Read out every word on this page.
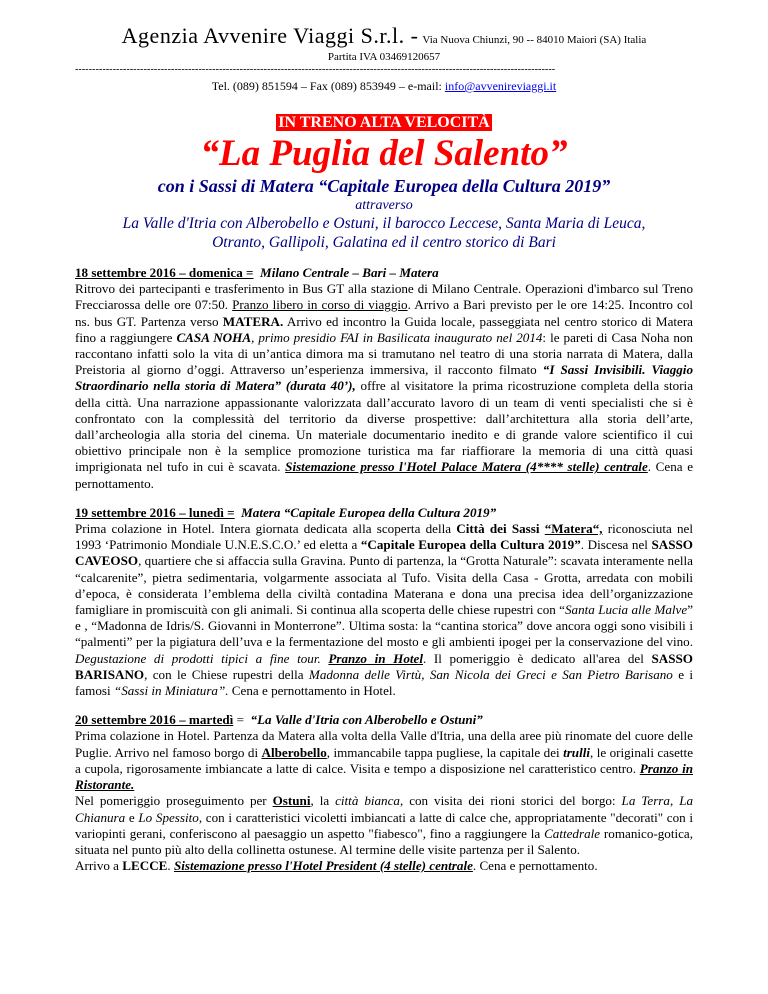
Agenzia Avvenire Viaggi S.r.l. - Via Nuova Chiunzi, 90 -- 84010 Maiori (SA) Italia
Partita IVA 03469120657
--------------------------------------------------------------------------------------------------------------------------------------------
Tel. (089) 851594 – Fax (089) 853949 – e-mail: info@avvenireviaggi.it
IN TRENO ALTA VELOCITÀ
“La Puglia del Salento”
con i Sassi di Matera “Capitale Europea della Cultura 2019”
attraverso
La Valle d'Itria con Alberobello e Ostuni, il barocco Leccese, Santa Maria di Leuca,
Otranto, Gallipoli, Galatina ed il centro storico di Bari
18 settembre 2016 – domenica = Milano Centrale – Bari – Matera

Ritrovo dei partecipanti e trasferimento in Bus GT alla stazione di Milano Centrale. Operazioni d'imbarco sul Treno Frecciarossa delle ore 07:50. Pranzo libero in corso di viaggio. Arrivo a Bari previsto per le ore 14:25. Incontro col ns. bus GT. Partenza verso MATERA. Arrivo ed incontro la Guida locale, passeggiata nel centro storico di Matera fino a raggiungere CASA NOHA, primo presidio FAI in Basilicata inaugurato nel 2014: le pareti di Casa Noha non raccontano infatti solo la vita di un’antica dimora ma si tramutano nel teatro di una storia narrata di Matera, dalla Preistoria al giorno d’oggi. Attraverso un’esperienza immersiva, il racconto filmato “I Sassi Invisibili. Viaggio Straordinario nella storia di Matera” (durata 40’), offre al visitatore la prima ricostruzione completa della storia della città. Una narrazione appassionante valorizzata dall’accurato lavoro di un team di venti specialisti che si è confrontato con la complessità del territorio da diverse prospettive: dall’architettura alla storia dell’arte, dall’archeologia alla storia del cinema. Un materiale documentario inedito e di grande valore scientifico il cui obiettivo principale non è la semplice promozione turistica ma far riaffiorare la memoria di una città quasi imprigionata nel tufo in cui è scavata. Sistemazione presso l'Hotel Palace Matera (4**** stelle) centrale. Cena e pernottamento.

19 settembre 2016 – lunedì = Matera “Capitale Europea della Cultura 2019”

Prima colazione in Hotel. Intera giornata dedicata alla scoperta della Città dei Sassi “Matera“, riconosciuta nel 1993 ‘Patrimonio Mondiale U.N.E.S.C.O.’ ed eletta a “Capitale Europea della Cultura 2019”. Discesa nel SASSO CAVEOSO, quartiere che si affaccia sulla Gravina. Punto di partenza, la “Grotta Naturale”: scavata interamente nella “calcarenite”, pietra sedimentaria, volgarmente associata al Tufo. Visita della Casa - Grotta, arredata con mobili d’epoca, è considerata l’emblema della civiltà contadina Materana e dona una precisa idea dell’organizzazione famigliare in promiscuità con gli animali. Si continua alla scoperta delle chiese rupestri con “Santa Lucia alle Malve” e , “Madonna de Idris/S. Giovanni in Monterrone”. Ultima sosta: la “cantina storica” dove ancora oggi sono visibili i “palmenti” per la pigiatura dell’uva e la fermentazione del mosto e gli ambienti ipogei per la conservazione del vino. Degustazione di prodotti tipici a fine tour. Pranzo in Hotel. Il pomeriggio è dedicato all'area del SASSO BARISANO, con le Chiese rupestri della Madonna delle Virtù, San Nicola dei Greci e San Pietro Barisano e i famosi “Sassi in Miniatura”. Cena e pernottamento in Hotel.

20 settembre 2016 – martedì = “La Valle d'Itria con Alberobello e Ostuni”

Prima colazione in Hotel. Partenza da Matera alla volta della Valle d'Itria, una della aree più rinomate del cuore delle Puglie. Arrivo nel famoso borgo di Alberobello, immancabile tappa pugliese, la capitale dei trulli, le originali casette a cupola, rigorosamente imbiancate a latte di calce. Visita e tempo a disposizione nel caratteristico centro. Pranzo in Ristorante.

Nel pomeriggio proseguimento per Ostuni, la città bianca, con visita dei rioni storici del borgo: La Terra, La Chianura e Lo Spessito, con i caratteristici vicoletti imbiancati a latte di calce che, appropriatamente "decorati" con i variopinti gerani, conferiscono al paesaggio un aspetto "fiabesco", fino a raggiungere la Cattedrale romanico-gotica, situata nel punto più alto della collinetta ostunese. Al termine delle visite partenza per il Salento.

Arrivo a LECCE. Sistemazione presso l'Hotel President (4 stelle) centrale. Cena e pernottamento.
